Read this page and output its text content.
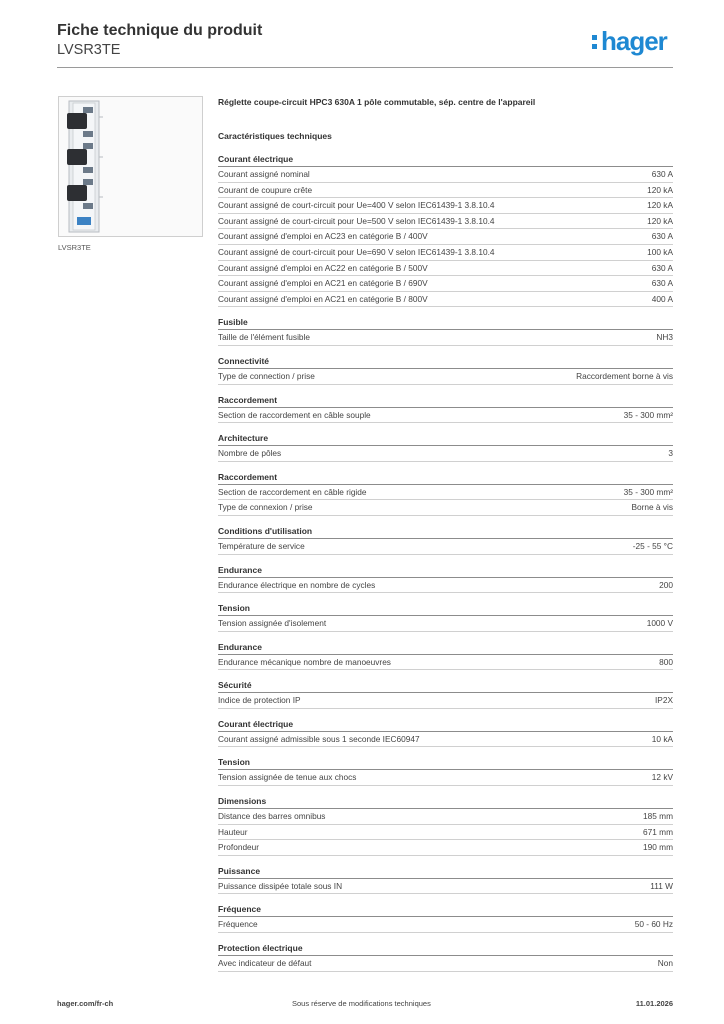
Fiche technique du produit
LVSR3TE	hager
LVSR3TE
Réglette coupe-circuit HPC3 630A 1 pôle commutable, sép. centre de l'appareil
Caractéristiques techniques
Courant électrique
Courant assigné nominal	630 A
Courant de coupure crête	120 kA
Courant assigné de court-circuit pour Ue=400 V selon IEC61439-1 3.8.10.4	120 kA
Courant assigné de court-circuit pour Ue=500 V selon IEC61439-1 3.8.10.4	120 kA
Courant assigné d'emploi en AC23 en catégorie B / 400V	630 A
Courant assigné de court-circuit pour Ue=690 V selon IEC61439-1 3.8.10.4	100 kA
Courant assigné d'emploi en AC22 en catégorie B / 500V	630 A
Courant assigné d'emploi en AC21 en catégorie B / 690V	630 A
Courant assigné d'emploi en AC21 en catégorie B / 800V	400 A
Fusible
Taille de l'élément fusible	NH3
Connectivité
Type de connection / prise	Raccordement borne à vis
Raccordement
Section de raccordement en câble souple	35 - 300 mm²
Architecture
Nombre de pôles	3
Raccordement
Section de raccordement en câble rigide	35 - 300 mm²
Type de connexion / prise	Borne à vis
Conditions d'utilisation
Température de service	-25 - 55 °C
Endurance
Endurance électrique en nombre de cycles	200
Tension
Tension assignée d'isolement	1000 V
Endurance
Endurance mécanique nombre de manoeuvres	800
Sécurité
Indice de protection IP	IP2X
Courant électrique
Courant assigné admissible sous 1 seconde IEC60947	10 kA
Tension
Tension assignée de tenue aux chocs	12 kV
Dimensions
Distance des barres omnibus	185 mm
Hauteur	671 mm
Profondeur	190 mm
Puissance
Puissance dissipée totale sous IN	111 W
Fréquence
Fréquence	50 - 60 Hz
Protection électrique
Avec indicateur de défaut	Non
hager.com/fr-ch	Sous réserve de modifications techniques	11.01.2026
